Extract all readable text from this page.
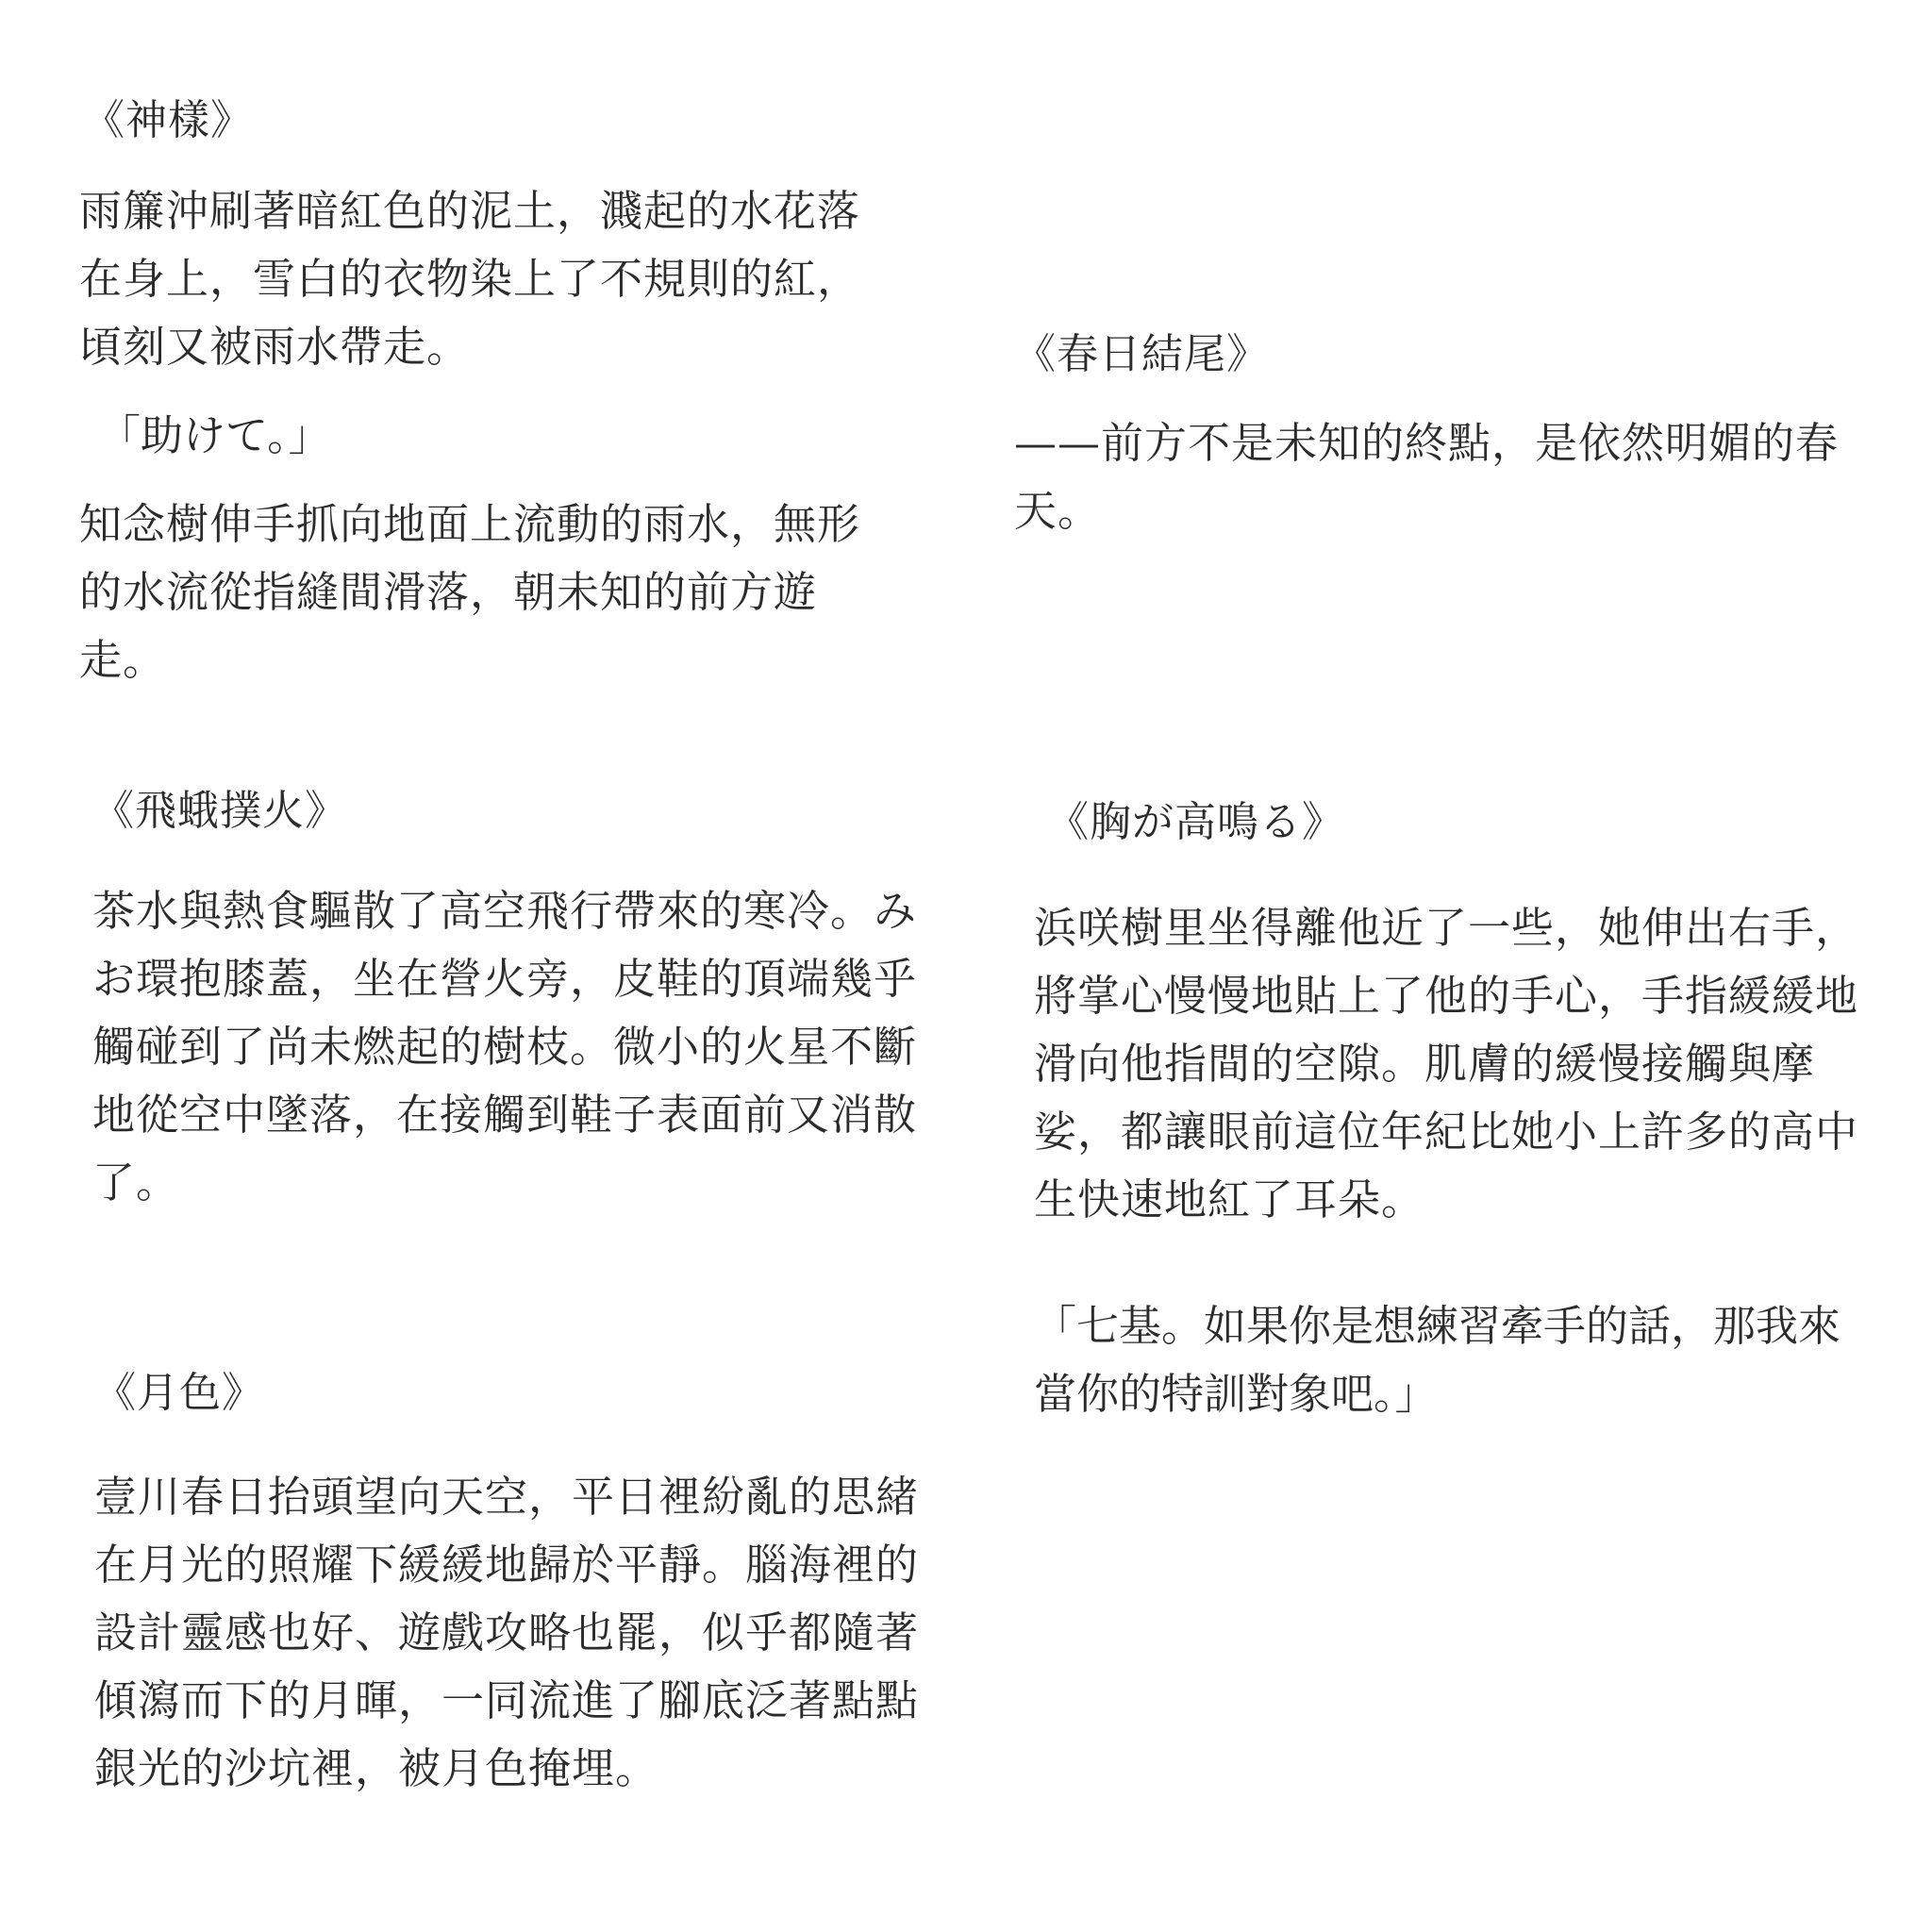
《神樣》

雨簾沖刷著暗紅色的泥土，濺起的水花落在身上，雪白的衣物染上了不規則的紅，頃刻又被雨水帶走。

「助けて。」

知念樹伸手抓向地面上流動的雨水，無形的水流從指縫間滑落，朝未知的前方遊走。

《春日結尾》

——前方不是未知的終點，是依然明媚的春天。

《飛蛾撲火》

茶水與熱食驅散了高空飛行帶來的寒冷。みお環抱膝蓋，坐在營火旁，皮鞋的頂端幾乎觸碰到了尚未燃起的樹枝。微小的火星不斷地從空中墜落，在接觸到鞋子表面前又消散了。

《胸が高鳴る》

浜咲樹里坐得離他近了一些，她伸出右手，將掌心慢慢地貼上了他的手心，手指緩緩地滑向他指間的空隙。肌膚的緩慢接觸與摩娑，都讓眼前這位年紀比她小上許多的高中生快速地紅了耳朵。

「七基。如果你是想練習牽手的話，那我來當你的特訓對象吧。」

《月色》

壹川春日抬頭望向天空，平日裡紛亂的思緒在月光的照耀下緩緩地歸於平靜。腦海裡的設計靈感也好、遊戲攻略也罷，似乎都隨著傾瀉而下的月暉，一同流進了腳底泛著點點銀光的沙坑裡，被月色掩埋。
